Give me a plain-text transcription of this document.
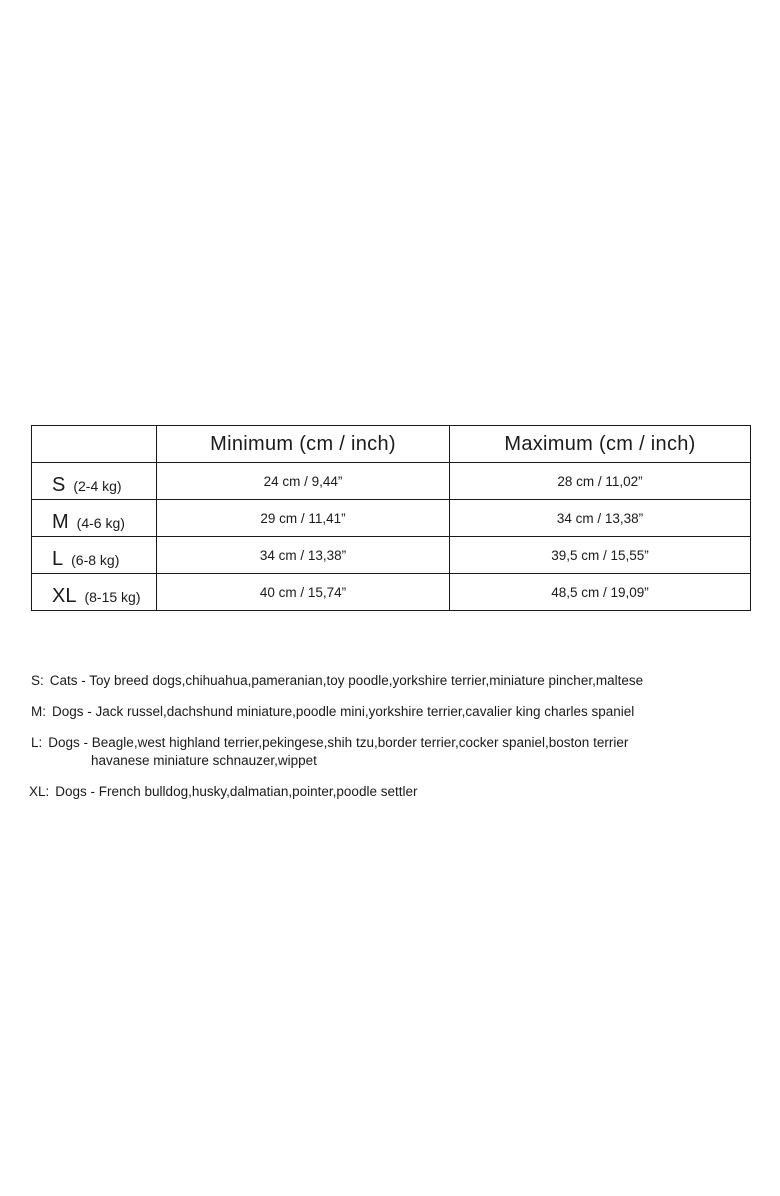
	Minimum (cm / inch)	Maximum (cm / inch)
S (2-4 kg)	24 cm / 9,44”	28 cm / 11,02”
M (4-6 kg)	29 cm / 11,41”	34 cm / 13,38”
L (6-8 kg)	34 cm / 13,38”	39,5 cm / 15,55”
XL (8-15 kg)	40 cm / 15,74”	48,5 cm / 19,09”
S: Cats - Toy breed dogs,chihuahua,pameranian,toy poodle,yorkshire terrier,miniature pincher,maltese
M: Dogs - Jack russel,dachshund miniature,poodle mini,yorkshire terrier,cavalier king charles spaniel
L: Dogs - Beagle,west highland terrier,pekingese,shih tzu,border terrier,cocker spaniel,boston terrier
havanese miniature schnauzer,wippet
XL: Dogs - French bulldog,husky,dalmatian,pointer,poodle settler
